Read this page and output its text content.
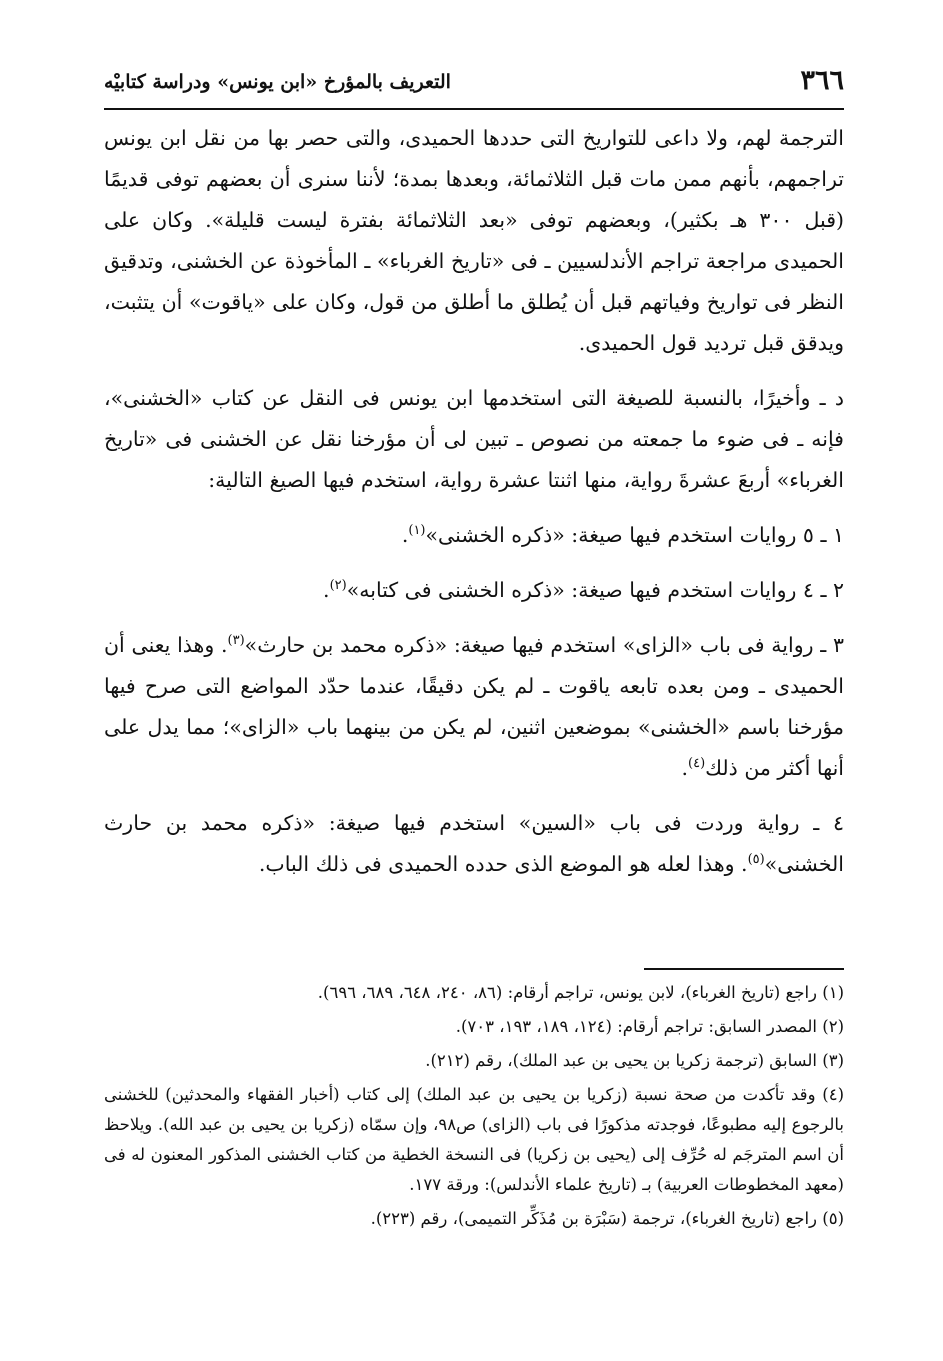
٣٦٦
التعريف بالمؤرخ «ابن يونس» ودراسة كتابيْه

الترجمة لهم، ولا داعى للتواريخ التى حددها الحميدى، والتى حصر بها من نقل ابن يونس تراجمهم، بأنهم ممن مات قبل الثلاثمائة، وبعدها بمدة؛ لأننا سنرى أن بعضهم توفى قديمًا (قبل ٣٠٠ هـ بكثير)، وبعضهم توفى «بعد الثلاثمائة بفترة ليست قليلة». وكان على الحميدى مراجعة تراجم الأندلسيين ـ فى «تاريخ الغرباء» ـ المأخوذة عن الخشنى، وتدقيق النظر فى تواريخ وفياتهم قبل أن يُطلق ما أطلق من قول، وكان على «ياقوت» أن يتثبت، ويدقق قبل ترديد قول الحميدى.

د ـ وأخيرًا، بالنسبة للصيغة التى استخدمها ابن يونس فى النقل عن كتاب «الخشنى»، فإنه ـ فى ضوء ما جمعته من نصوص ـ تبين لى أن مؤرخنا نقل عن الخشنى فى «تاريخ الغرباء» أربعَ عشرةَ رواية، منها اثنتا عشرة رواية، استخدم فيها الصيغ التالية:

١ ـ ٥ روايات استخدم فيها صيغة: «ذكره الخشنى»$^{(١)}$.

٢ ـ ٤ روايات استخدم فيها صيغة: «ذكره الخشنى فى كتابه»$^{(٢)}$.

٣ ـ رواية فى باب «الزاى» استخدم فيها صيغة: «ذكره محمد بن حارث»$^{(٣)}$. وهذا يعنى أن الحميدى ـ ومن بعده تابعه ياقوت ـ لم يكن دقيقًا، عندما حدّد المواضع التى صرح فيها مؤرخنا باسم «الخشنى» بموضعين اثنين، لم يكن من بينهما باب «الزاى»؛ مما يدل على أنها أكثر من ذلك$^{(٤)}$.

٤ ـ رواية وردت فى باب «السين» استخدم فيها صيغة: «ذكره محمد بن حارث الخشنى»$^{(٥)}$. وهذا لعله هو الموضع الذى حدده الحميدى فى ذلك الباب.

(١) راجع (تاريخ الغرباء)، لابن يونس، تراجم أرقام: (٨٦، ٢٤٠، ٦٤٨، ٦٨٩، ٦٩٦).
(٢) المصدر السابق: تراجم أرقام: (١٢٤، ١٨٩، ١٩٣، ٧٠٣).
(٣) السابق (ترجمة زكريا بن يحيى بن عبد الملك)، رقم (٢١٢).
(٤) وقد تأكدت من صحة نسبة (زكريا بن يحيى بن عبد الملك) إلى كتاب (أخبار الفقهاء والمحدثين) للخشنى بالرجوع إليه مطبوعًا، فوجدته مذكورًا فى باب (الزاى) ص٩٨، وإن سمّاه (زكريا بن يحيى بن عبد الله). ويلاحظ أن اسم المترجَم له حُرِّف إلى (يحيى بن زكريا) فى النسخة الخطية من كتاب الخشنى المذكور المعنون له فى (معهد المخطوطات العربية) بـ (تاريخ علماء الأندلس): ورقة ١٧٧.
(٥) راجع (تاريخ الغرباء)، ترجمة (سَبْرَة بن مُذَكِّر التميمى)، رقم (٢٢٣).
